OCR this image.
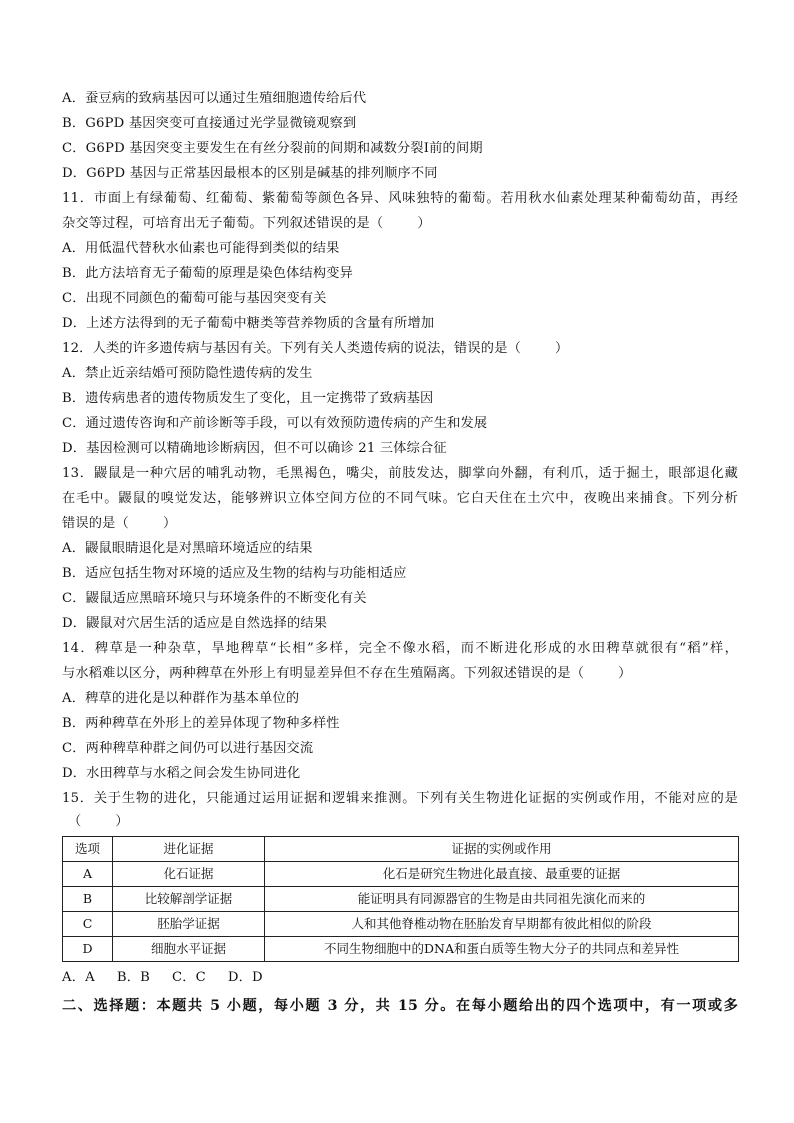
A．蚕豆病的致病基因可以通过生殖细胞遗传给后代
B．G6PD 基因突变可直接通过光学显微镜观察到
C．G6PD 基因突变主要发生在有丝分裂前的间期和减数分裂Ⅰ前的间期
D．G6PD 基因与正常基因最根本的区别是碱基的排列顺序不同
11．市面上有绿葡萄、红葡萄、紫葡萄等颜色各异、风味独特的葡萄。若用秋水仙素处理某种葡萄幼苗，再经
杂交等过程，可培育出无子葡萄。下列叙述错误的是（	）
A．用低温代替秋水仙素也可能得到类似的结果
B．此方法培育无子葡萄的原理是染色体结构变异
C．出现不同颜色的葡萄可能与基因突变有关
D．上述方法得到的无子葡萄中糖类等营养物质的含量有所增加
12．人类的许多遗传病与基因有关。下列有关人类遗传病的说法，错误的是（	）
A．禁止近亲结婚可预防隐性遗传病的发生
B．遗传病患者的遗传物质发生了变化，且一定携带了致病基因
C．通过遗传咨询和产前诊断等手段，可以有效预防遗传病的产生和发展
D．基因检测可以精确地诊断病因，但不可以确诊 21 三体综合征
13．鼹鼠是一种穴居的哺乳动物，毛黑褐色，嘴尖，前肢发达，脚掌向外翻，有利爪，适于掘土，眼部退化藏
在毛中。鼹鼠的嗅觉发达，能够辨识立体空间方位的不同气味。它白天住在土穴中，夜晚出来捕食。下列分析
错误的是（	）
A．鼹鼠眼睛退化是对黑暗环境适应的结果
B．适应包括生物对环境的适应及生物的结构与功能相适应
C．鼹鼠适应黑暗环境只与环境条件的不断变化有关
D．鼹鼠对穴居生活的适应是自然选择的结果
14．稗草是一种杂草，旱地稗草“长相”多样，完全不像水稻，而不断进化形成的水田稗草就很有“稻”样，
与水稻难以区分，两种稗草在外形上有明显差异但不存在生殖隔离。下列叙述错误的是（	）
A．稗草的进化是以种群作为基本单位的
B．两种稗草在外形上的差异体现了物种多样性
C．两种稗草种群之间仍可以进行基因交流
D．水田稗草与水稻之间会发生协同进化
15．关于生物的进化，只能通过运用证据和逻辑来推测。下列有关生物进化证据的实例或作用，不能对应的是
（	）
选项	进化证据	证据的实例或作用
A	化石证据	化石是研究生物进化最直接、最重要的证据
B	比较解剖学证据	能证明具有同源器官的生物是由共同祖先演化而来的
C	胚胎学证据	人和其他脊椎动物在胚胎发育早期都有彼此相似的阶段
D	细胞水平证据	不同生物细胞中的DNA和蛋白质等生物大分子的共同点和差异性
A．A B．B C．C D．D
二、选择题：本题共 5 小题，每小题 3 分，共 15 分。在每小题给出的四个选项中，有一项或多
